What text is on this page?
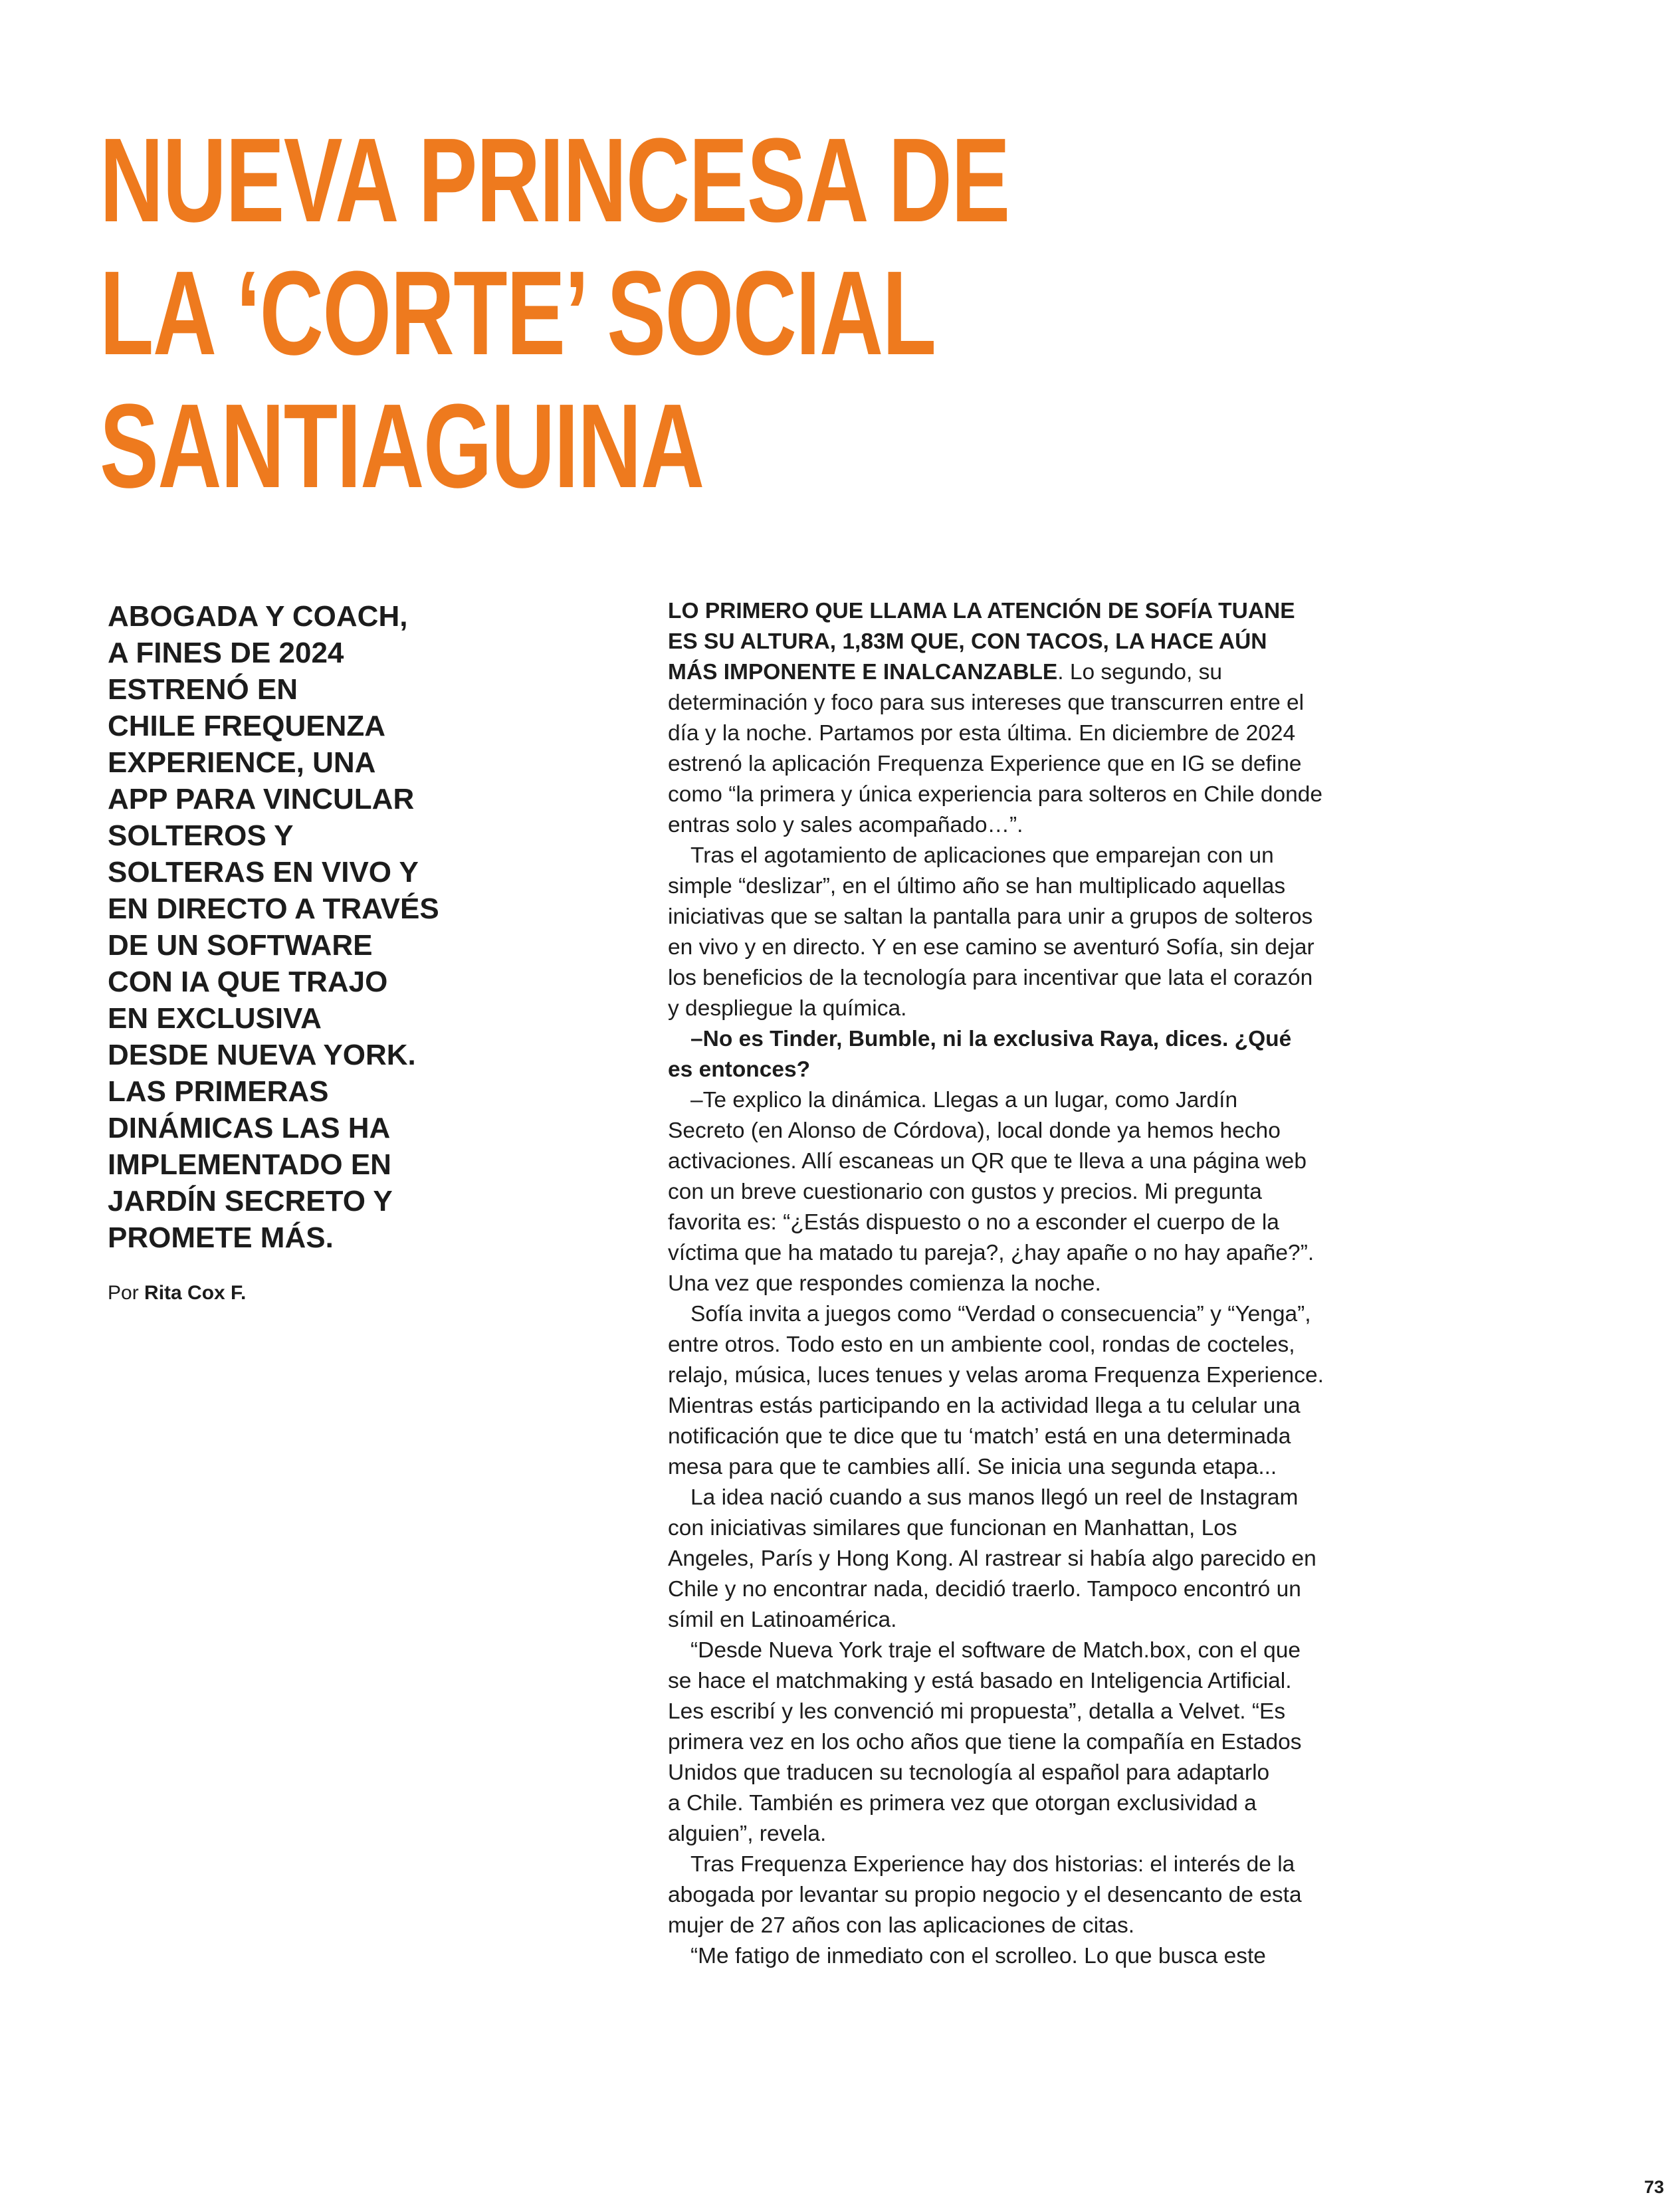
NUEVA PRINCESA DE
LA ‘CORTE’ SOCIAL
SANTIAGUINA
ABOGADA Y COACH,
A FINES DE 2024
ESTRENÓ EN
CHILE FREQUENZA
EXPERIENCE, UNA
APP PARA VINCULAR
SOLTEROS Y
SOLTERAS EN VIVO Y
EN DIRECTO A TRAVÉS
DE UN SOFTWARE
CON IA QUE TRAJO
EN EXCLUSIVA
DESDE NUEVA YORK.
LAS PRIMERAS
DINÁMICAS LAS HA
IMPLEMENTADO EN
JARDÍN SECRETO Y
PROMETE MÁS.
Por Rita Cox F.
LO PRIMERO QUE LLAMA LA ATENCIÓN DE SOFÍA TUANE
ES SU ALTURA, 1,83M QUE, CON TACOS, LA HACE AÚN
MÁS IMPONENTE E INALCANZABLE. Lo segundo, su
determinación y foco para sus intereses que transcurren entre el
día y la noche. Partamos por esta última. En diciembre de 2024
estrenó la aplicación Frequenza Experience que en IG se define
como “la primera y única experiencia para solteros en Chile donde
entras solo y sales acompañado…”.
Tras el agotamiento de aplicaciones que emparejan con un
simple “deslizar”, en el último año se han multiplicado aquellas
iniciativas que se saltan la pantalla para unir a grupos de solteros
en vivo y en directo. Y en ese camino se aventuró Sofía, sin dejar
los beneficios de la tecnología para incentivar que lata el corazón
y despliegue la química.
–No es Tinder, Bumble, ni la exclusiva Raya, dices. ¿Qué
es entonces?
–Te explico la dinámica. Llegas a un lugar, como Jardín
Secreto (en Alonso de Córdova), local donde ya hemos hecho
activaciones. Allí escaneas un QR que te lleva a una página web
con un breve cuestionario con gustos y precios. Mi pregunta
favorita es: “¿Estás dispuesto o no a esconder el cuerpo de la
víctima que ha matado tu pareja?, ¿hay apañe o no hay apañe?”.
Una vez que respondes comienza la noche.
Sofía invita a juegos como “Verdad o consecuencia” y “Yenga”,
entre otros. Todo esto en un ambiente cool, rondas de cocteles,
relajo, música, luces tenues y velas aroma Frequenza Experience.
Mientras estás participando en la actividad llega a tu celular una
notificación que te dice que tu ‘match’ está en una determinada
mesa para que te cambies allí. Se inicia una segunda etapa...
La idea nació cuando a sus manos llegó un reel de Instagram
con iniciativas similares que funcionan en Manhattan, Los
Angeles, París y Hong Kong. Al rastrear si había algo parecido en
Chile y no encontrar nada, decidió traerlo. Tampoco encontró un
símil en Latinoamérica.
“Desde Nueva York traje el software de Match.box, con el que
se hace el matchmaking y está basado en Inteligencia Artificial.
Les escribí y les convenció mi propuesta”, detalla a Velvet. “Es
primera vez en los ocho años que tiene la compañía en Estados
Unidos que traducen su tecnología al español para adaptarlo
a Chile. También es primera vez que otorgan exclusividad a
alguien”, revela.
Tras Frequenza Experience hay dos historias: el interés de la
abogada por levantar su propio negocio y el desencanto de esta
mujer de 27 años con las aplicaciones de citas.
“Me fatigo de inmediato con el scrolleo. Lo que busca este
73
